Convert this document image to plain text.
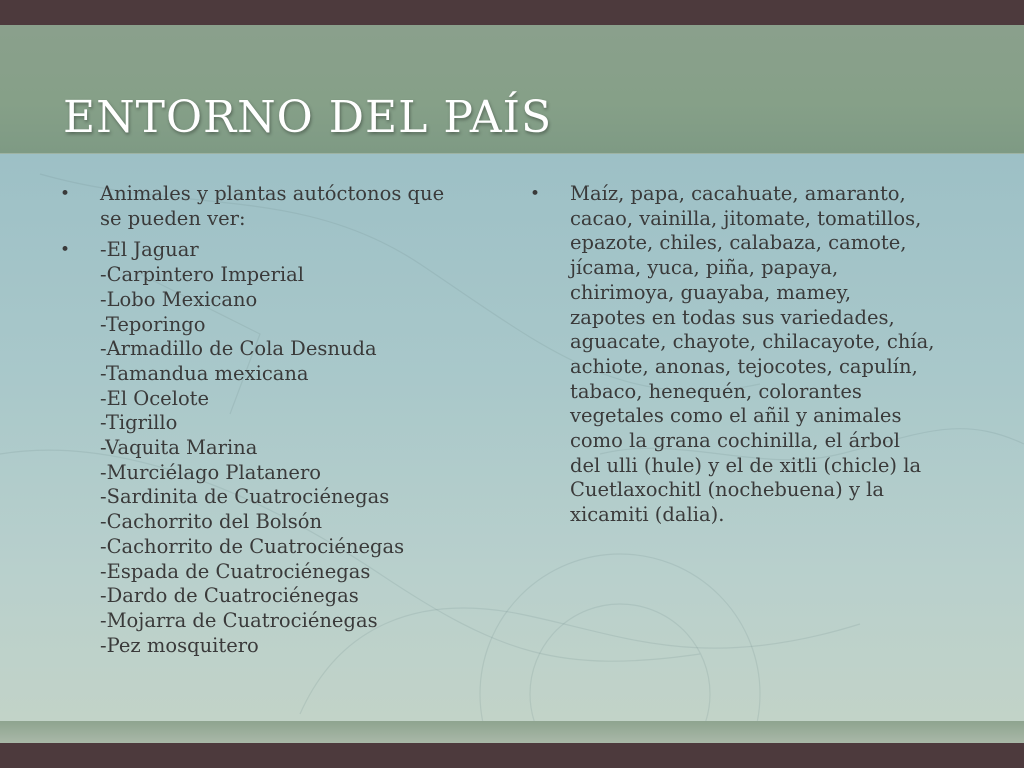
ENTORNO DEL PAÍS
•	Animales y plantas autóctonos que
se pueden ver:
•	-El Jaguar
-Carpintero Imperial
-Lobo Mexicano
-Teporingo
-Armadillo de Cola Desnuda
-Tamandua mexicana
-El Ocelote
-Tigrillo
-Vaquita Marina
-Murciélago Platanero
-Sardinita de Cuatrociénegas
-Cachorrito del Bolsón
-Cachorrito de Cuatrociénegas
-Espada de Cuatrociénegas
-Dardo de Cuatrociénegas
-Mojarra de Cuatrociénegas
-Pez mosquitero
•	Maíz, papa, cacahuate, amaranto,
cacao, vainilla, jitomate, tomatillos,
epazote, chiles, calabaza, camote,
jícama, yuca, piña, papaya,
chirimoya, guayaba, mamey,
zapotes en todas sus variedades,
aguacate, chayote, chilacayote, chía,
achiote, anonas, tejocotes, capulín,
tabaco, henequén, colorantes
vegetales como el añil y animales
como la grana cochinilla, el árbol
del ulli (hule) y el de xitli (chicle) la
Cuetlaxochitl (nochebuena) y la
xicamiti (dalia).
